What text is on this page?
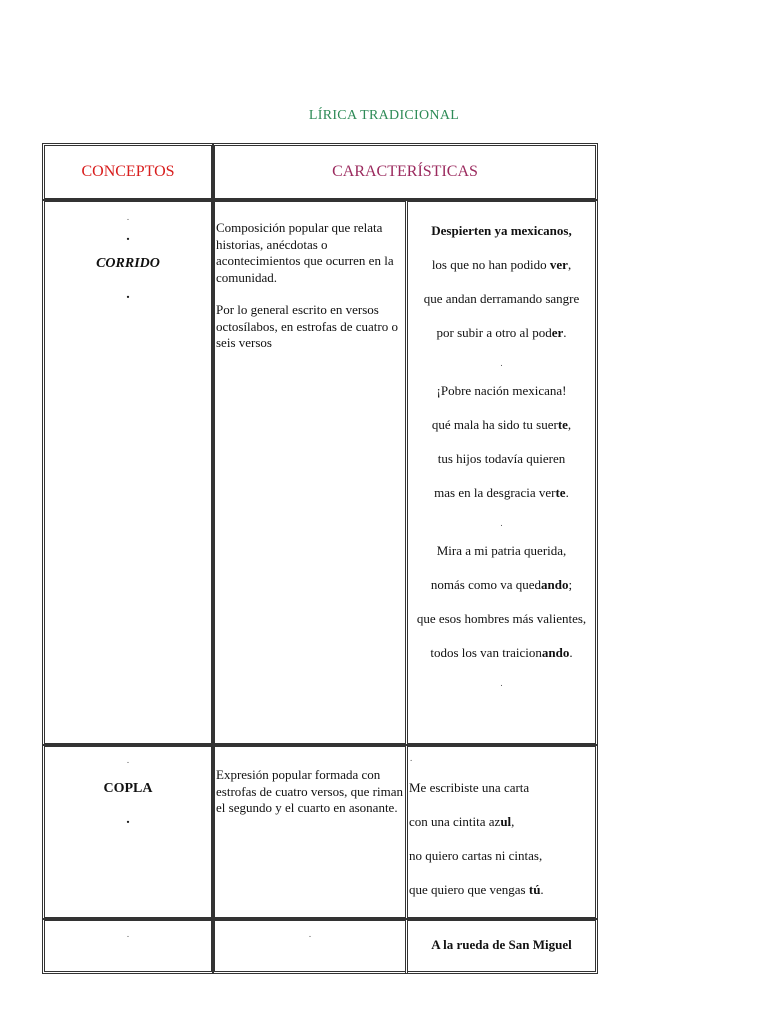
LÍRICA TRADICIONAL
CONCEPTOS	CARACTERÍSTICAS
.
.
CORRIDO
.

Composición popular que relata historias, anécdotas o acontecimientos que ocurren en la comunidad.

Por lo general escrito en versos octosílabos, en estrofas de cuatro o seis versos

Despierten ya mexicanos,
los que no han podido ver,
que andan derramando sangre
por subir a otro al poder.
.
¡Pobre nación mexicana!
qué mala ha sido tu suerte,
tus hijos todavía quieren
mas en la desgracia verte.
.
Mira a mi patria querida,
nomás como va quedando;
que esos hombres más valientes,
todos los van traicionando.
.
.
COPLA
.

Expresión popular formada con estrofas de cuatro versos, que riman el segundo y el cuarto en asonante.

.
Me escribiste una carta
con una cintita azul,
no quiero cartas ni cintas,
que quiero que vengas tú.
.	.
A la rueda de San Miguel
